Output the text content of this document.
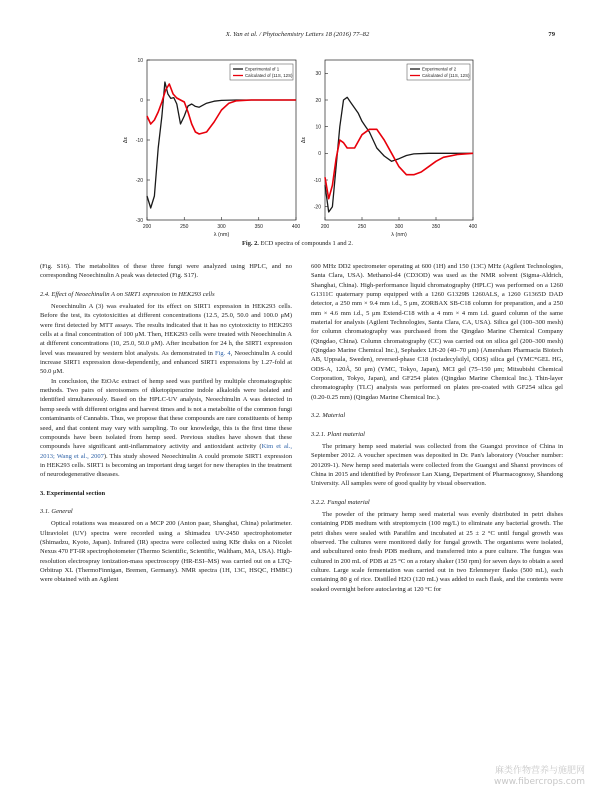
X. Yan et al. / Phytochemistry Letters 18 (2016) 77–82	79
200	250	300	350	400
-30
-20
-10
0
10
λ (nm)
Δε
Experimental of 1
Calculated of (11S, 12S)
200	250	300	350	400
-20
-10
0
10
20
30
λ (nm)
Δε
Experimental of 2
Calculated of (11S, 12S)
Fig. 2. ECD spectra of compounds 1 and 2.

(Fig. S16). The metabolites of these three fungi were analyzed using HPLC, and no corresponding Neoechinulin A peak was detected (Fig. S17).

2.4. Effect of Neoechinulin A on SIRT1 expression in HEK293 cells

Neoechinulin A (3) was evaluated for its effect on SIRT1 expression in HEK293 cells. Before the test, its cytotoxicities at different concentrations (12.5, 25.0, 50.0 and 100.0 μM) were first detected by MTT assays. The results indicated that it has no cytotoxicity to HEK293 cells at a final concentration of 100 μM. Then, HEK293 cells were treated with Neoechinulin A at different concentrations (10, 25.0, 50.0 μM). After incubation for 24 h, the SIRT1 expression level was measured by western blot analysis. As demonstrated in Fig. 4, Neoechinulin A could increase SIRT1 expression dose-dependently, and enhanced SIRT1 expressions by 1.27-fold at 50.0 μM.

In conclusion, the EtOAc extract of hemp seed was purified by multiple chromatographic methods. Two pairs of steroisomers of diketopiperazine indole alkaloids were isolated and identified simultaneously. Based on the HPLC-UV analysis, Neoechinulin A was detected in hemp seeds with different origins and harvest times and is not a metabolite of the common fungi contaminants of Cannabis. Thus, we propose that these compounds are rare constituents of hemp seed, and that content may vary with sampling. To our knowledge, this is the first time these compounds have been isolated from hemp seed. Previous studies have shown that these compounds have significant anti-inflammatory activity and antioxidant activity (Kim et al., 2013; Wang et al., 2007). This study showed Neoechinulin A could promote SIRT1 expression in HEK293 cells. SIRT1 is becoming an important drug target for new therapies in the treatment of neurodegenerative diseases.

3. Experimental section
3.1. General

Optical rotations was measured on a MCP 200 (Anton paar, Shanghai, China) polarimeter. Ultraviolet (UV) spectra were recorded using a Shimadzu UV-2450 spectrophotometer (Shimadzu, Kyoto, Japan). Infrared (IR) spectra were collected using KBr disks on a Nicolet Nexus 470 FT-IR spectrophotometer (Thermo Scientific, Scientific, Waltham, MA, USA). High-resolution electrospray ionization-mass spectroscopy (HR-ESI–MS) was carried out on a LTQ-Orbitrap XL (ThermoFinnigan, Bremen, Germany). NMR spectra (1H, 13C, HSQC, HMBC) were obtained with an Agilent

600 MHz DD2 spectrometer operating at 600 (1H) and 150 (13C) MHz (Agilent Technologies, Santa Clara, USA). Methanol-d4 (CD3OD) was used as the NMR solvent (Sigma-Aldrich, Shanghai, China). High-performance liquid chromatography (HPLC) was performed on a 1260 G1311C quaternary pump equipped with a 1260 G1329B 1260ALS, a 1260 G1365D DAD detector, a 250 mm × 9.4 mm i.d., 5 μm, ZORBAX SB-C18 column for preparation, and a 250 mm × 4.6 mm i.d., 5 μm Extend-C18 with a 4 mm × 4 mm i.d. guard column of the same material for analysis (Agilent Technologies, Santa Clara, CA, USA). Silica gel (100–300 mesh) for column chromatography was purchased from the Qingdao Marine Chemical Company (Qingdao, China). Column chromatography (CC) was carried out on silica gel (200–300 mesh) (Qingdao Marine Chemical Inc.), Sephadex LH-20 (40–70 μm) (Amersham Pharmacia Biotech AB, Uppsala, Sweden), reversed-phase C18 (octadecylsilyl, ODS) silica gel (YMC*GEL HG, ODS-A, 120Å, 50 μm) (YMC, Tokyo, Japan), MCI gel (75–150 μm; Mitsubishi Chemical Corporation, Tokyo, Japan), and GF254 plates (Qingdao Marine Chemical Inc.). Thin-layer chromatography (TLC) analysis was performed on plates pre-coated with GF254 silica gel (0.20-0.25 mm) (Qingdao Marine Chemical Inc.).

3.2. Material
3.2.1. Plant material

The primary hemp seed material was collected from the Guangxi province of China in September 2012. A voucher specimen was deposited in Dr. Pan's laboratory (Voucher number: 201209-1). New hemp seed materials were collected from the Guangxi and Shanxi provinces of China in 2015 and identified by Professor Lan Xiang, Department of Pharmacognosy, Shandong University. All samples were of good quality by visual observation.

3.2.2. Fungal material

The powder of the primary hemp seed material was evenly distributed in petri dishes containing PDB medium with streptomycin (100 mg/L) to eliminate any bacterial growth. The petri dishes were sealed with Parafilm and incubated at 25 ± 2 °C until fungal growth was observed. The cultures were monitored daily for fungal growth. The organisms were isolated, and subcultured onto fresh PDB medium, and transferred into a pure culture. The fungus was cultured in 200 mL of PDB at 25 °C on a rotary shaker (150 rpm) for seven days to obtain a seed culture. Large scale fermentation was carried out in two Erlenmeyer flasks (500 mL), each containing 80 g of rice. Distilled H2O (120 mL) was added to each flask, and the contents were soaked overnight before autoclaving at 120 °C for

麻类作物营养与施肥网
www.fibercrops.com
